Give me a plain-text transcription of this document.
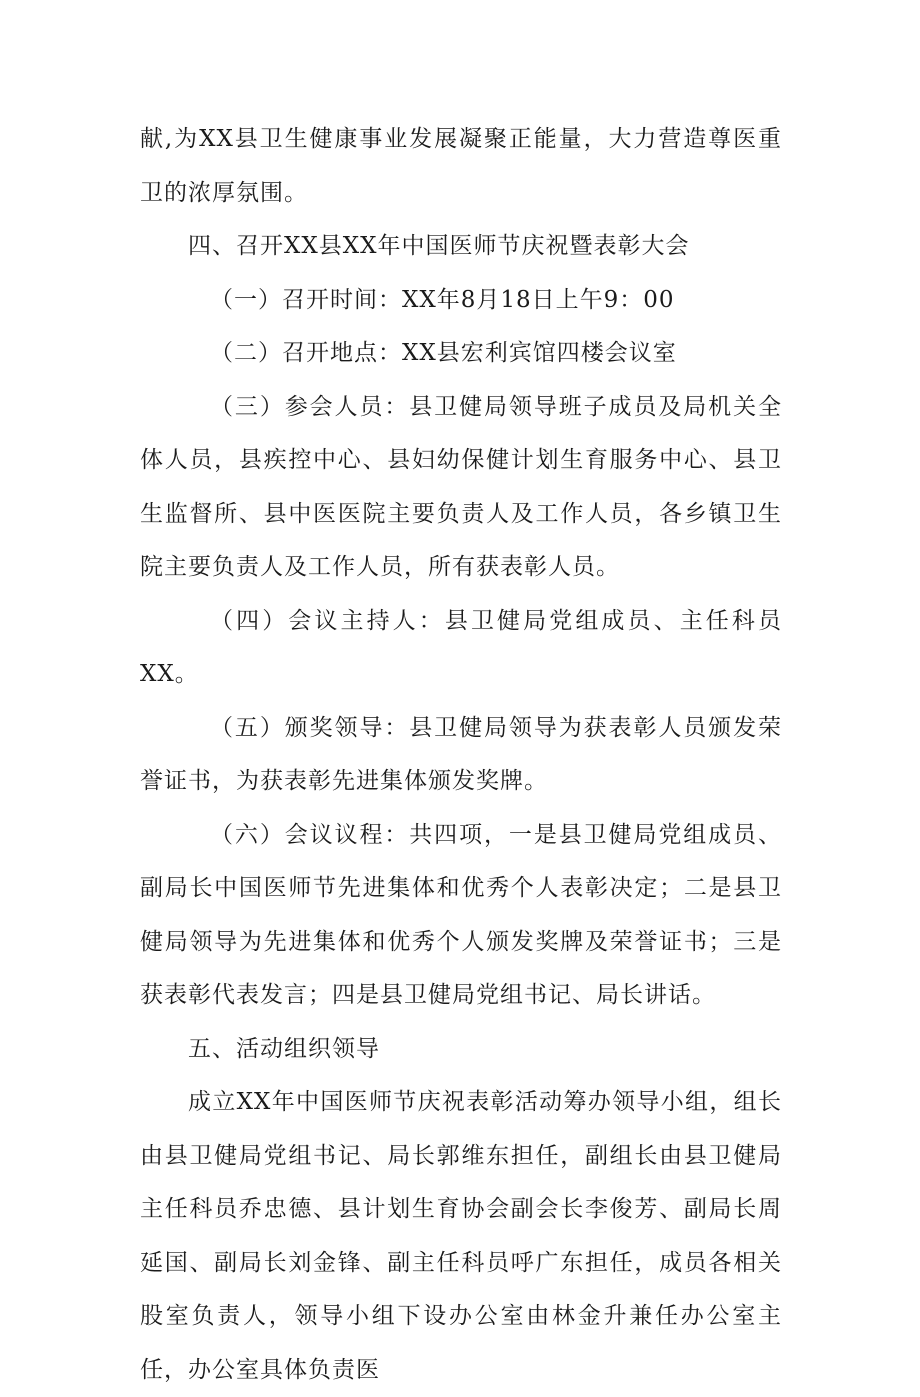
献,为XX县卫生健康事业发展凝聚正能量，大力营造尊医重卫的浓厚氛围。

四、召开XX县XX年中国医师节庆祝暨表彰大会

（一）召开时间：XX年8月18日上午9：00

（二）召开地点：XX县宏利宾馆四楼会议室

（三）参会人员：县卫健局领导班子成员及局机关全体人员，县疾控中心、县妇幼保健计划生育服务中心、县卫生监督所、县中医医院主要负责人及工作人员，各乡镇卫生院主要负责人及工作人员，所有获表彰人员。

（四）会议主持人：县卫健局党组成员、主任科员XX。

（五）颁奖领导：县卫健局领导为获表彰人员颁发荣誉证书，为获表彰先进集体颁发奖牌。

（六）会议议程：共四项，一是县卫健局党组成员、副局长中国医师节先进集体和优秀个人表彰决定；二是县卫健局领导为先进集体和优秀个人颁发奖牌及荣誉证书；三是获表彰代表发言；四是县卫健局党组书记、局长讲话。

五、活动组织领导

成立XX年中国医师节庆祝表彰活动筹办领导小组，组长由县卫健局党组书记、局长郭维东担任，副组长由县卫健局主任科员乔忠德、县计划生育协会副会长李俊芳、副局长周延国、副局长刘金锋、副主任科员呼广东担任，成员各相关股室负责人，领导小组下设办公室由林金升兼任办公室主任，办公室具体负责医
